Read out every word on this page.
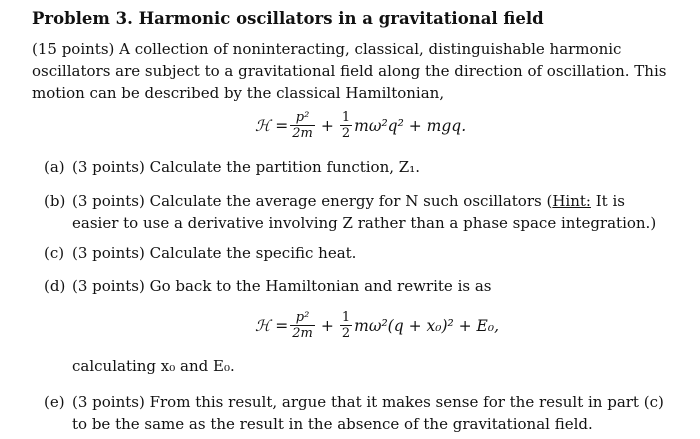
Problem 3. Harmonic oscillators in a gravitational field
(15 points) A collection of noninteracting, classical, distinguishable harmonic oscillators are subject to a gravitational field along the direction of oscillation. This motion can be described by the classical Hamiltonian,
ℋ = $\frac{\text{p²}}{2m} + \frac{1}{2} m\omega^2q^2$ + mgq.
(a) (3 points) Calculate the partition function, Z₁.
(b) (3 points) Calculate the average energy for N such oscillators (Hint: It is easier to use a derivative involving Z rather than a phase space integration.)
(c) (3 points) Calculate the specific heat.
(d) (3 points) Go back to the Hamiltonian and rewrite is as
ℋ = $\frac{\text{p²}}{2m} + \frac{1}{2} m\omega^2(q + x_0)^2 + E_0$,
calculating x₀ and E₀.
(e) (3 points) From this result, argue that it makes sense for the result in part (c) to be the same as the result in the absence of the gravitational field.
